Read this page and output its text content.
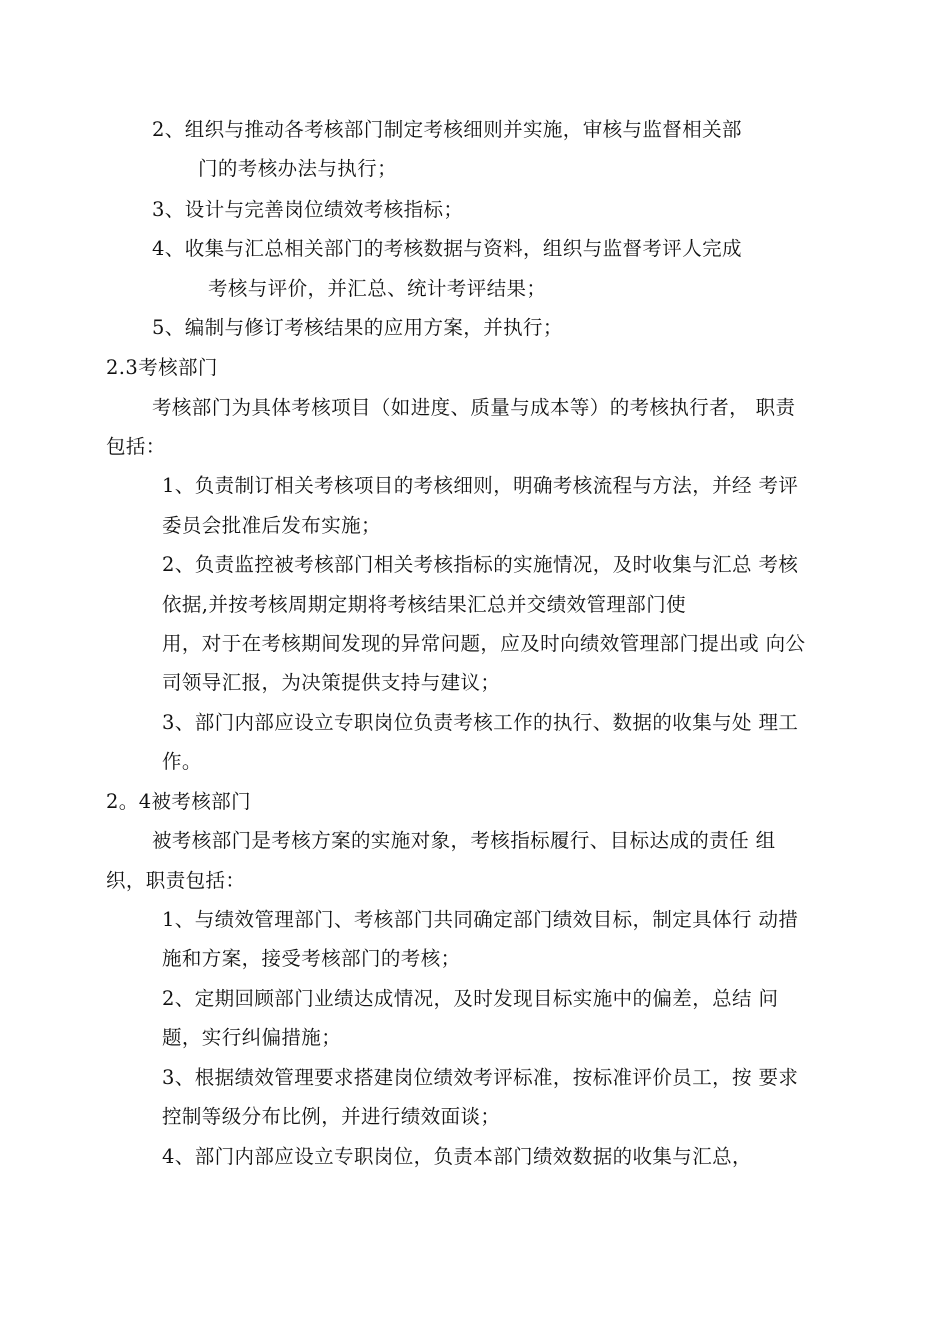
2、组织与推动各考核部门制定考核细则并实施，审核与监督相关部
门的考核办法与执行；
3、设计与完善岗位绩效考核指标；
4、收集与汇总相关部门的考核数据与资料，组织与监督考评人完成
考核与评价，并汇总、统计考评结果；
5、编制与修订考核结果的应用方案，并执行；
2.3考核部门
考核部门为具体考核项目（如进度、质量与成本等）的考核执行者， 职责
包括：
1、负责制订相关考核项目的考核细则，明确考核流程与方法，并经 考评
委员会批准后发布实施；
2、负责监控被考核部门相关考核指标的实施情况，及时收集与汇总 考核
依据,并按考核周期定期将考核结果汇总并交绩效管理部门使
用，对于在考核期间发现的异常问题，应及时向绩效管理部门提出或 向公
司领导汇报，为决策提供支持与建议；
3、部门内部应设立专职岗位负责考核工作的执行、数据的收集与处 理工
作。
2。4被考核部门
被考核部门是考核方案的实施对象，考核指标履行、目标达成的责任 组
织，职责包括：
1、与绩效管理部门、考核部门共同确定部门绩效目标，制定具体行 动措
施和方案，接受考核部门的考核；
2、定期回顾部门业绩达成情况，及时发现目标实施中的偏差，总结 问
题，实行纠偏措施；
3、根据绩效管理要求搭建岗位绩效考评标准，按标准评价员工，按 要求
控制等级分布比例，并进行绩效面谈；
4、部门内部应设立专职岗位，负责本部门绩效数据的收集与汇总，
